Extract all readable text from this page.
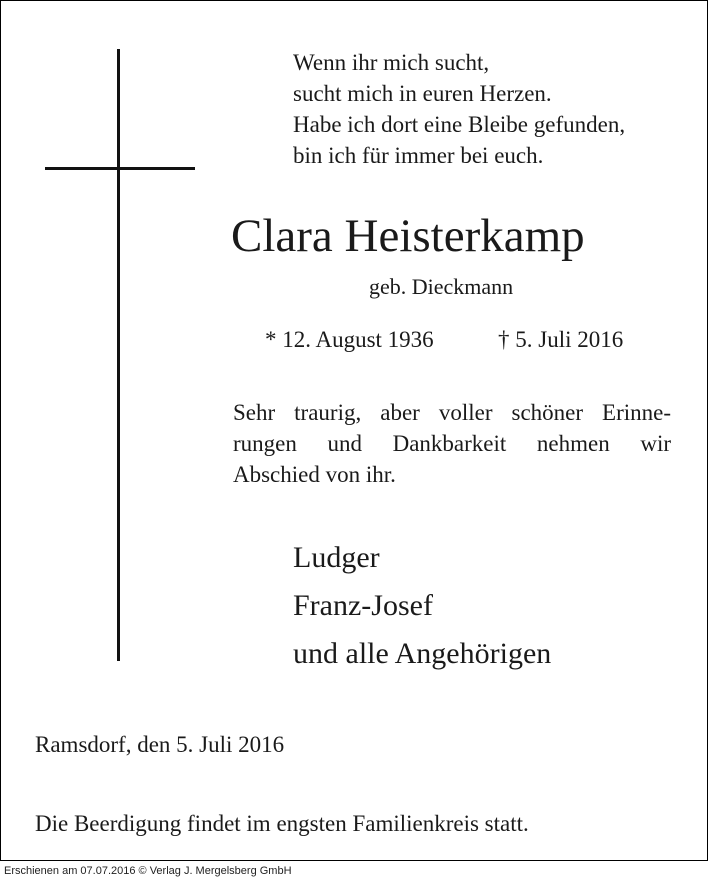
Wenn ihr mich sucht,
sucht mich in euren Herzen.
Habe ich dort eine Bleibe gefunden,
bin ich für immer bei euch.
Clara Heisterkamp
geb. Dieckmann
* 12. August 1936	† 5. Juli 2016
Sehr traurig, aber voller schöner Erinne-
rungen und Dankbarkeit nehmen wir
Abschied von ihr.
Ludger
Franz-Josef
und alle Angehörigen
Ramsdorf, den 5. Juli 2016
Die Beerdigung findet im engsten Familienkreis statt.
Erschienen am 07.07.2016 © Verlag J. Mergelsberg GmbH
